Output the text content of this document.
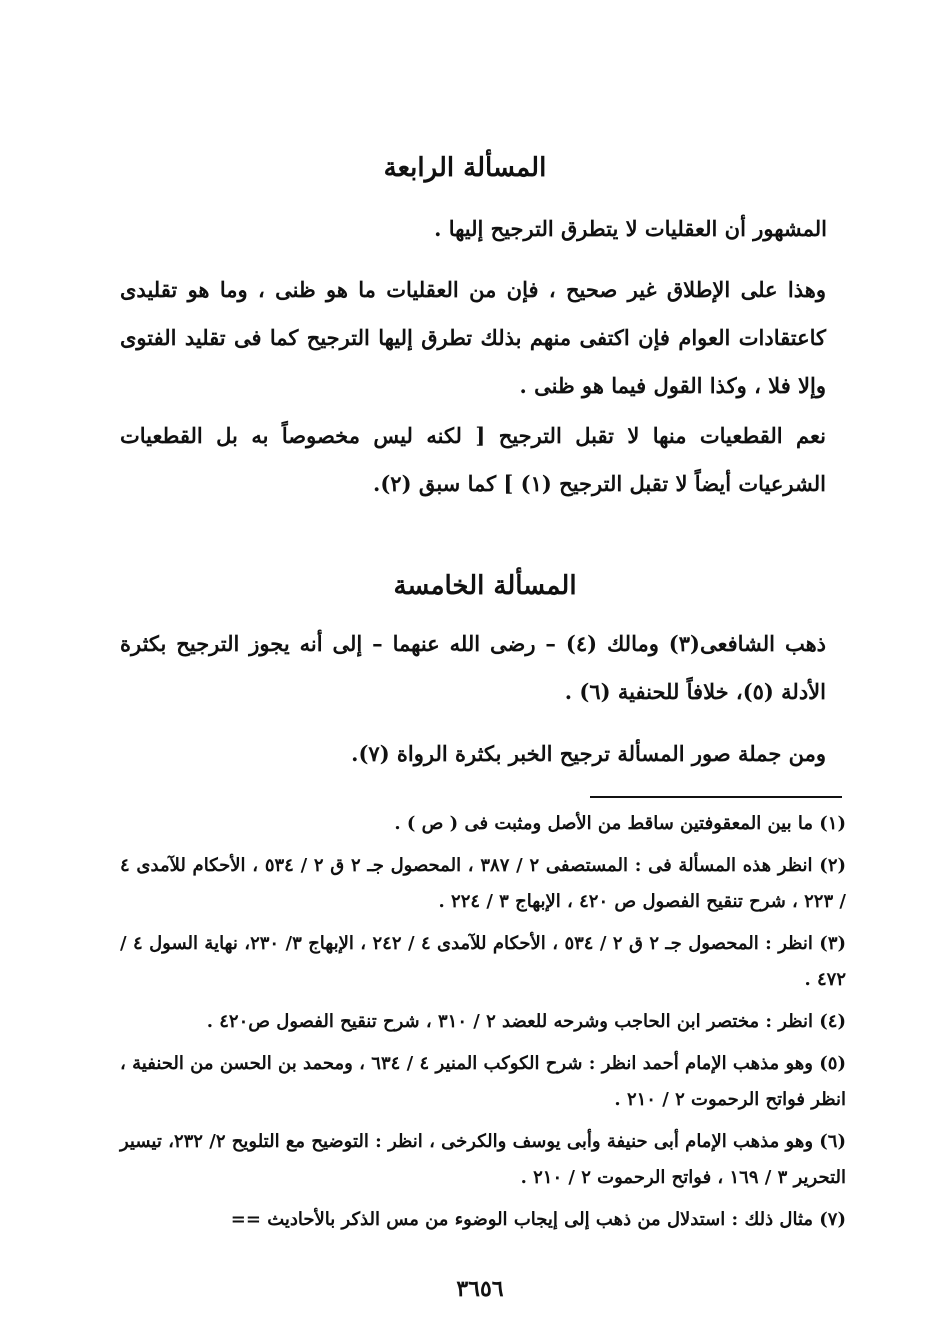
المسألة الرابعة
المشهور أن العقليات لا يتطرق الترجيح إليها .
وهذا على الإطلاق غير صحيح ، فإن من العقليات ما هو ظنى ، وما هو تقليدى كاعتقادات العوام فإن اكتفى منهم بذلك تطرق إليها الترجيح كما فى تقليد الفتوى وإلا فلا ، وكذا القول فيما هو ظنى .
نعم القطعيات منها لا تقبل الترجيح [ لكنه ليس مخصوصاً به بل القطعيات الشرعيات أيضاً لا تقبل الترجيح (١) ] كما سبق (٢).
المسألة الخامسة
ذهب الشافعى(٣) ومالك (٤) – رضى الله عنهما – إلى أنه يجوز الترجيح بكثرة الأدلة (٥)، خلافاً للحنفية (٦) .
ومن جملة صور المسألة ترجيح الخبر بكثرة الرواة (٧).

(١) ما بين المعقوفتين ساقط من الأصل ومثبت فى ( ص ) .

(٢) انظر هذه المسألة فى : المستصفى ٢ / ٣٨٧ ، المحصول جـ ٢ ق ٢ / ٥٣٤ ، الأحكام للآمدى ٤ / ٢٢٣ ، شرح تنقيح الفصول ص ٤٢٠ ، الإبهاج ٣ / ٢٢٤ .

(٣) انظر : المحصول جـ ٢ ق ٢ / ٥٣٤ ، الأحكام للآمدى ٤ / ٢٤٢ ، الإبهاج ٣/ ٢٣٠، نهاية السول ٤ / ٤٧٢ .

(٤) انظر : مختصر ابن الحاجب وشرحه للعضد ٢ / ٣١٠ ، شرح تنقيح الفصول ص٤٢٠ .

(٥) وهو مذهب الإمام أحمد انظر : شرح الكوكب المنير ٤ / ٦٣٤ ، ومحمد بن الحسن من الحنفية ، انظر فواتح الرحموت ٢ / ٢١٠ .

(٦) وهو مذهب الإمام أبى حنيفة وأبى يوسف والكرخى ، انظر : التوضيح مع التلويح ٢/ ٢٣٢، تيسير التحرير ٣ / ١٦٩ ، فواتح الرحموت ٢ / ٢١٠ .

(٧) مثال ذلك : استدلال من ذهب إلى إيجاب الوضوء من مس الذكر بالأحاديث ==

٣٦٥٦
